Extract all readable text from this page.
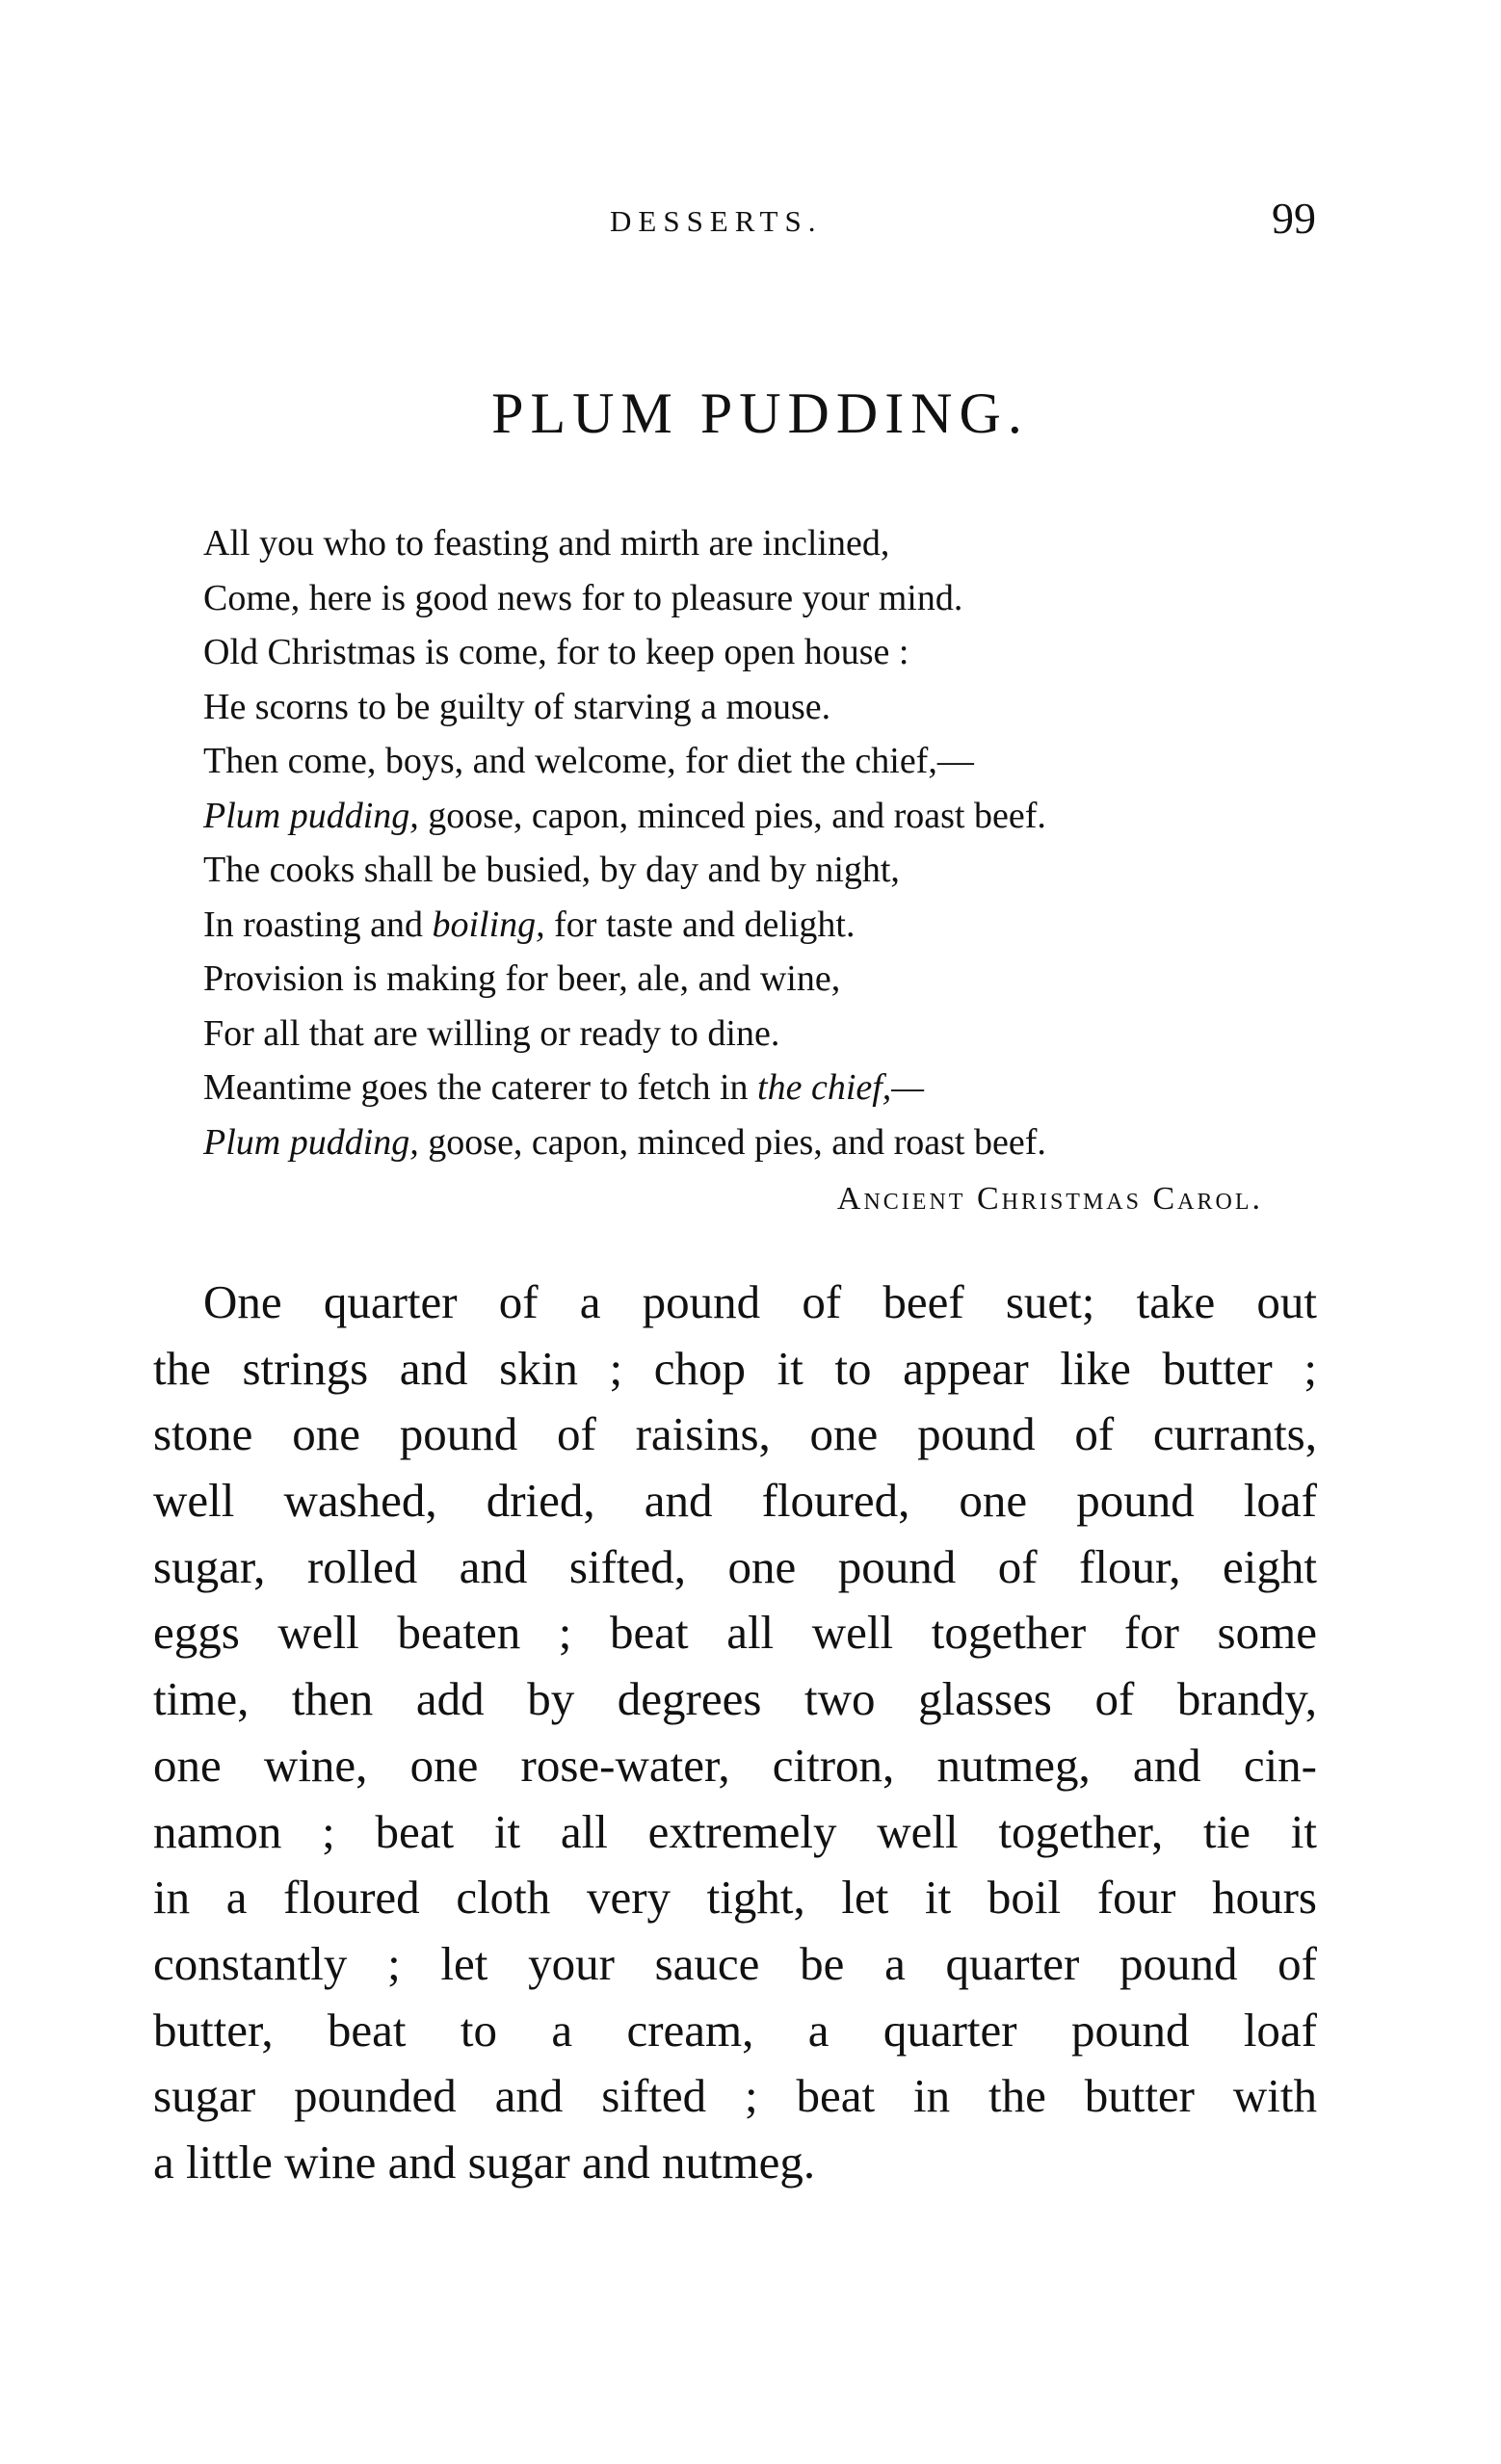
DESSERTS.	99
PLUM PUDDING.
All you who to feasting and mirth are inclined,
Come, here is good news for to pleasure your mind.
Old Christmas is come, for to keep open house :
He scorns to be guilty of starving a mouse.
Then come, boys, and welcome, for diet the chief,—
Plum pudding, goose, capon, minced pies, and roast beef.
The cooks shall be busied, by day and by night,
In roasting and boiling, for taste and delight.
Provision is making for beer, ale, and wine,
For all that are willing or ready to dine.
Meantime goes the caterer to fetch in the chief,—
Plum pudding, goose, capon, minced pies, and roast beef.
Ancient Christmas Carol.
One quarter of a pound of beef suet; take out
the strings and skin ; chop it to appear like butter ;
stone one pound of raisins, one pound of currants,
well washed, dried, and floured, one pound loaf
sugar, rolled and sifted, one pound of flour, eight
eggs well beaten ; beat all well together for some
time, then add by degrees two glasses of brandy,
one wine, one rose-water, citron, nutmeg, and cin-
namon ; beat it all extremely well together, tie it
in a floured cloth very tight, let it boil four hours
constantly ; let your sauce be a quarter pound of
butter, beat to a cream, a quarter pound loaf
sugar pounded and sifted ; beat in the butter with
a little wine and sugar and nutmeg.
